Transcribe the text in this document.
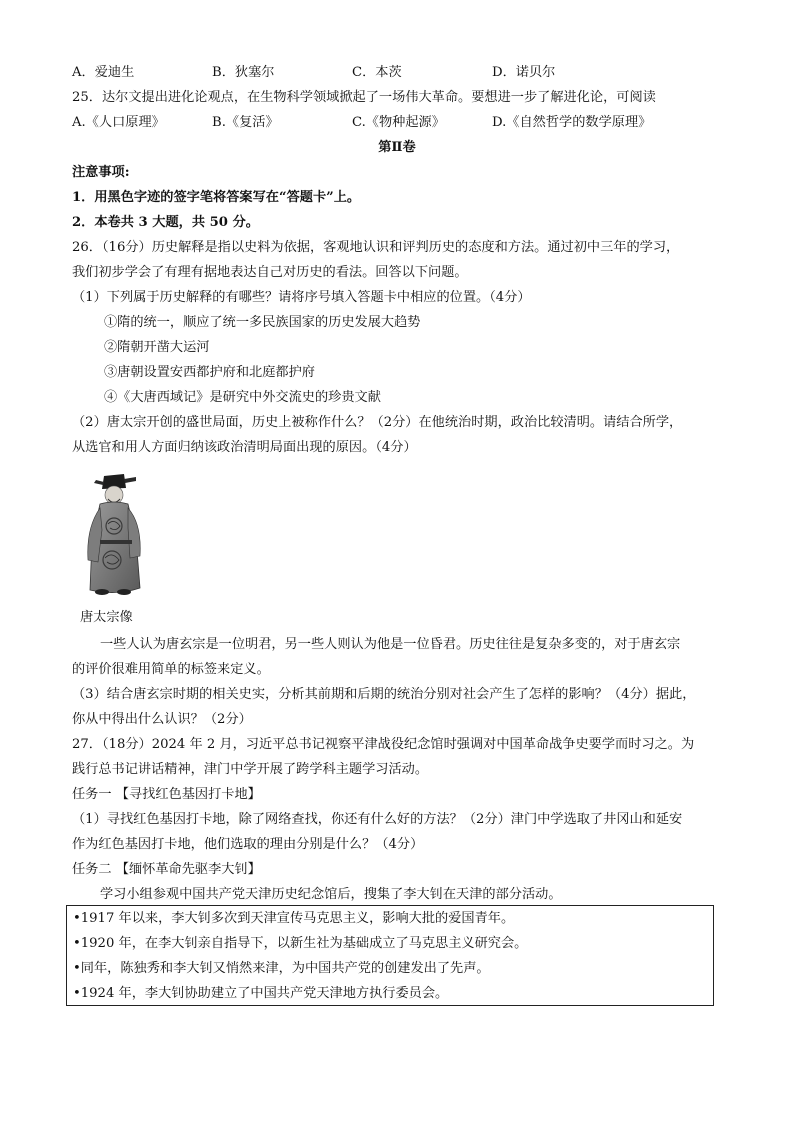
A．爱迪生	B．狄塞尔	C．本茨	D．诺贝尔
25．达尔文提出进化论观点，在生物科学领域掀起了一场伟大革命。要想进一步了解进化论，可阅读
A.《人口原理》	B.《复活》	C.《物种起源》	D.《自然哲学的数学原理》
第Ⅱ卷
注意事项:
1．用黑色字迹的签字笔将答案写在“答题卡”上。
2．本卷共 3 大题，共 50 分。
26．（16分）历史解释是指以史料为依据，客观地认识和评判历史的态度和方法。通过初中三年的学习，
我们初步学会了有理有据地表达自己对历史的看法。回答以下问题。
（1）下列属于历史解释的有哪些？请将序号填入答题卡中相应的位置。（4分）
①隋的统一，顺应了统一多民族国家的历史发展大趋势
②隋朝开凿大运河
③唐朝设置安西都护府和北庭都护府
④《大唐西域记》是研究中外交流史的珍贵文献
（2）唐太宗开创的盛世局面，历史上被称作什么？（2分）在他统治时期，政治比较清明。请结合所学，
从选官和用人方面归纳该政治清明局面出现的原因。（4分）
唐太宗像
一些人认为唐玄宗是一位明君，另一些人则认为他是一位昏君。历史往往是复杂多变的，对于唐玄宗
的评价很难用简单的标签来定义。
（3）结合唐玄宗时期的相关史实，分析其前期和后期的统治分别对社会产生了怎样的影响？（4分）据此，
你从中得出什么认识？（2分）
27．（18分）2024 年 2 月，习近平总书记视察平津战役纪念馆时强调对中国革命战争史要学而时习之。为
践行总书记讲话精神，津门中学开展了跨学科主题学习活动。
任务一 【寻找红色基因打卡地】
（1）寻找红色基因打卡地，除了网络查找，你还有什么好的方法？（2分）津门中学选取了井冈山和延安
作为红色基因打卡地，他们选取的理由分别是什么？（4分）
任务二 【缅怀革命先驱李大钊】
学习小组参观中国共产党天津历史纪念馆后，搜集了李大钊在天津的部分活动。
•1917 年以来，李大钊多次到天津宣传马克思主义，影响大批的爱国青年。
•1920 年，在李大钊亲自指导下，以新生社为基础成立了马克思主义研究会。
•同年，陈独秀和李大钊又悄然来津，为中国共产党的创建发出了先声。
•1924 年，李大钊协助建立了中国共产党天津地方执行委员会。
